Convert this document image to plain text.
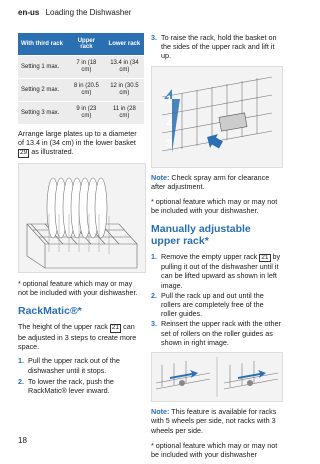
en-us Loading the Dishwasher
With third rack	Upper rack	Lower rack
Setting 1 max.	7 in (18 cm)	13.4 in (34 cm)
Setting 2 max.	8 in (20.5 cm)	12 in (30.5 cm)
Setting 3 max.	9 in (23 cm)	11 in (28 cm)

Arrange large plates up to a diameter of 13.4 in (34 cm) in the lower basket 29 as illustrated.

* optional feature which may or may not be included with your dishwasher.

RackMatic®*

The height of the upper rack 21 can be adjusted in 3 steps to create more space.

1. Pull the upper rack out of the dishwasher until it stops.
2. To lower the rack, push the RackMatic® lever inward.
3. To raise the rack, hold the basket on the sides of the upper rack and lift it up.
1
2
3

Note: Check spray arm for clearance after adjustment.

* optional feature which may or may not be included with your dishwasher.

Manually adjustable upper rack*

1. Remove the empty upper rack 21 by pulling it out of the dishwasher until it can be lifted upward as shown in left image.
2. Pull the rack up and out until the rollers are completely free of the roller guides.
3. Reinsert the upper rack with the other set of rollers on the roller guides as shown in right image.

Note: This feature is available for racks with 5 wheels per side, not racks with 3 wheels per side.

* optional feature which may or may not be included with your dishwasher

18
